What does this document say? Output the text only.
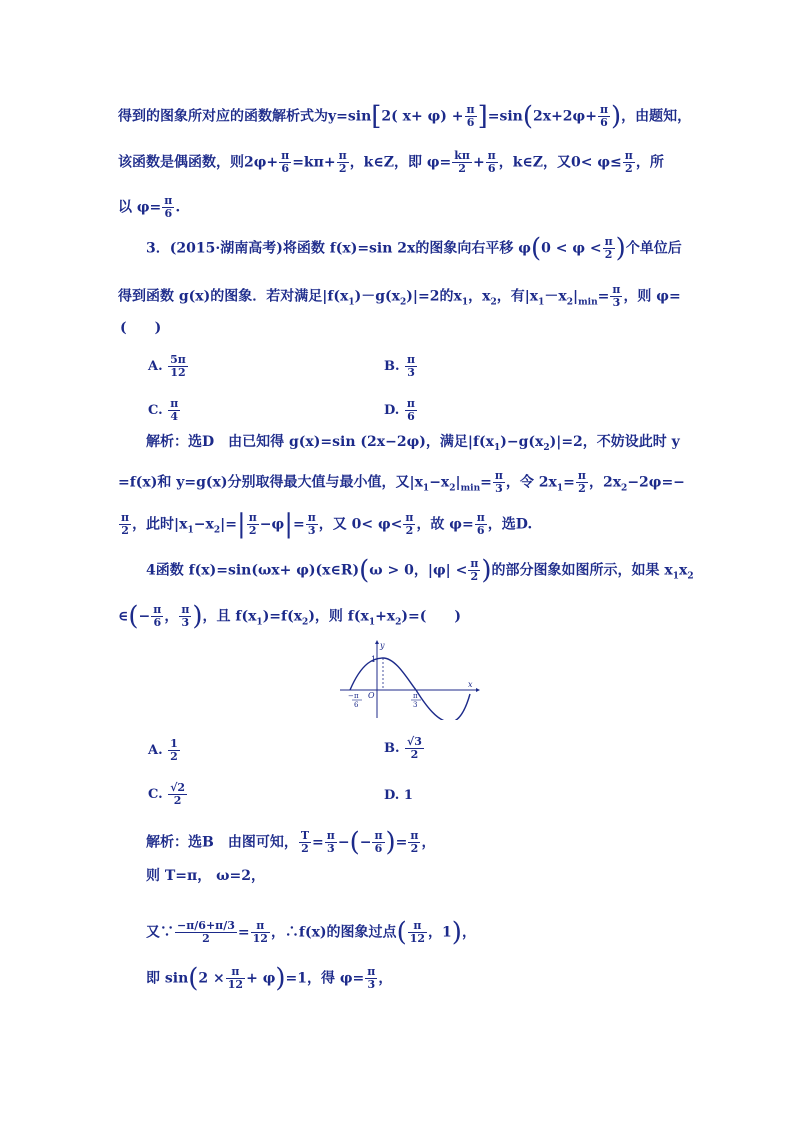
得到的图象所对应的函数解析式为y=sin[2( $x+ \varphi) + \frac{\pi}{6} ]=\sin(2x+2\varphi+ \frac{\pi}{6}$ )，由题知，
该函数是偶函数，则$2\varphi+ \frac{\pi}{6} =k\pi+ \frac{\pi}{2}$ ，k∈Z，即 $\varphi= \frac{k\pi}{2} + \frac{\pi}{6}$ ，k∈Z，又$0< \varphi\le \frac{\pi}{2}$ ，所
以 $\varphi= \frac{\pi}{6}$ .
3．(2015·湖南高考)将函数 f(x)=sin 2x的图象向右平移 $\varphi(0 < \varphi < \frac{\pi}{2}$ )个单位后
得到函数 g(x)的图象．若对满足$|f(x_1)-g(x_2)|=2$的$x_1$，$x_2$，有$|x_1-x_2|_{min}= \frac{\pi}{3}$ ，则 φ=
(　　)
A. $\frac{5\pi}{12}$	B. $\frac{\pi}{3}$
C. $\frac{\pi}{4}$	D. $\frac{\pi}{6}$
解析：选D　由已知得 g(x)=sin (2x−2φ)，满足$|f(x_1)-g(x_2)|=2$，不妨设此时 y
=f(x)和 y=g(x)分别取得最大值与最小值，又$|x_1-x_2|_{min}= \frac{\pi}{3}$ ，令 $2x_1= \frac{\pi}{2}$ ，$2x_2-2\varphi=-$
$\frac{\pi}{2}$ ，此时$|x_1-x_2|=| \frac{\pi}{2} -\varphi|= \frac{\pi}{3}$ ，又 $0< \varphi< \frac{\pi}{2}$ ，故 $\varphi= \frac{\pi}{6}$ ，选D.
4函数 f(x)=sin(ωx+ φ)(x∈R)(ω > 0，$|\varphi| < \frac{\pi}{2}$ )的部分图象如图所示，如果 $x_1x_2$
∈(− $\frac{\pi}{6}$ ， $\frac{\pi}{3}$ )，且 $f(x_1)=f(x_2)$，则 $f(x_1+x_2)=$(　　)
y
x
O
1
− π
6
π
3
A. $\frac{1}{2}$	B. $\frac{√3}{2}$
C. $\frac{√2}{2}$	D. 1
解析：选B　由图可知， $\frac{T}{2} = \frac{\pi}{3}$ −(− $\frac{\pi}{6}$ )= $\frac{\pi}{2}$ ，
则 T=π， ω=2，
又∵ $\frac{-\pi/6+\pi/3}{2} = \frac{\pi}{12}$ ，∴f(x)的图象过点( $\frac{\pi}{12}$ ，1)，
即 $\sin(2 \times \frac{\pi}{12} + \varphi)=1$，得 $\varphi= \frac{\pi}{3}$ ，
